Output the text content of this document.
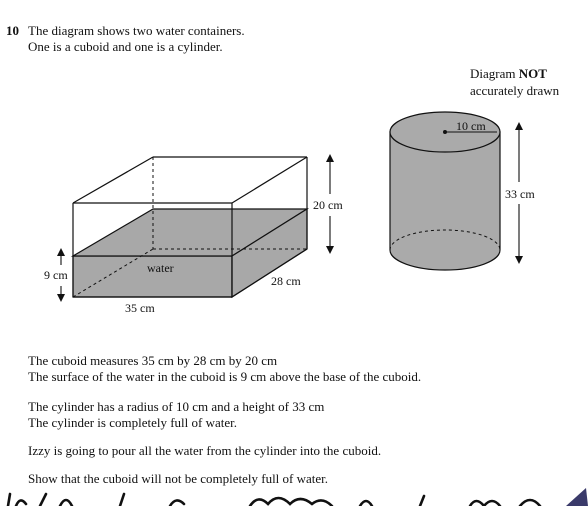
10 The diagram shows two water containers.
One is a cuboid and one is a cylinder.
Diagram NOT
accurately drawn
20 cm
9 cm	water
28 cm
35 cm
10 cm
33 cm
The cuboid measures 35 cm by 28 cm by 20 cm
The surface of the water in the cuboid is 9 cm above the base of the cuboid.
The cylinder has a radius of 10 cm and a height of 33 cm
The cylinder is completely full of water.
Izzy is going to pour all the water from the cylinder into the cuboid.
Show that the cuboid will not be completely full of water.
